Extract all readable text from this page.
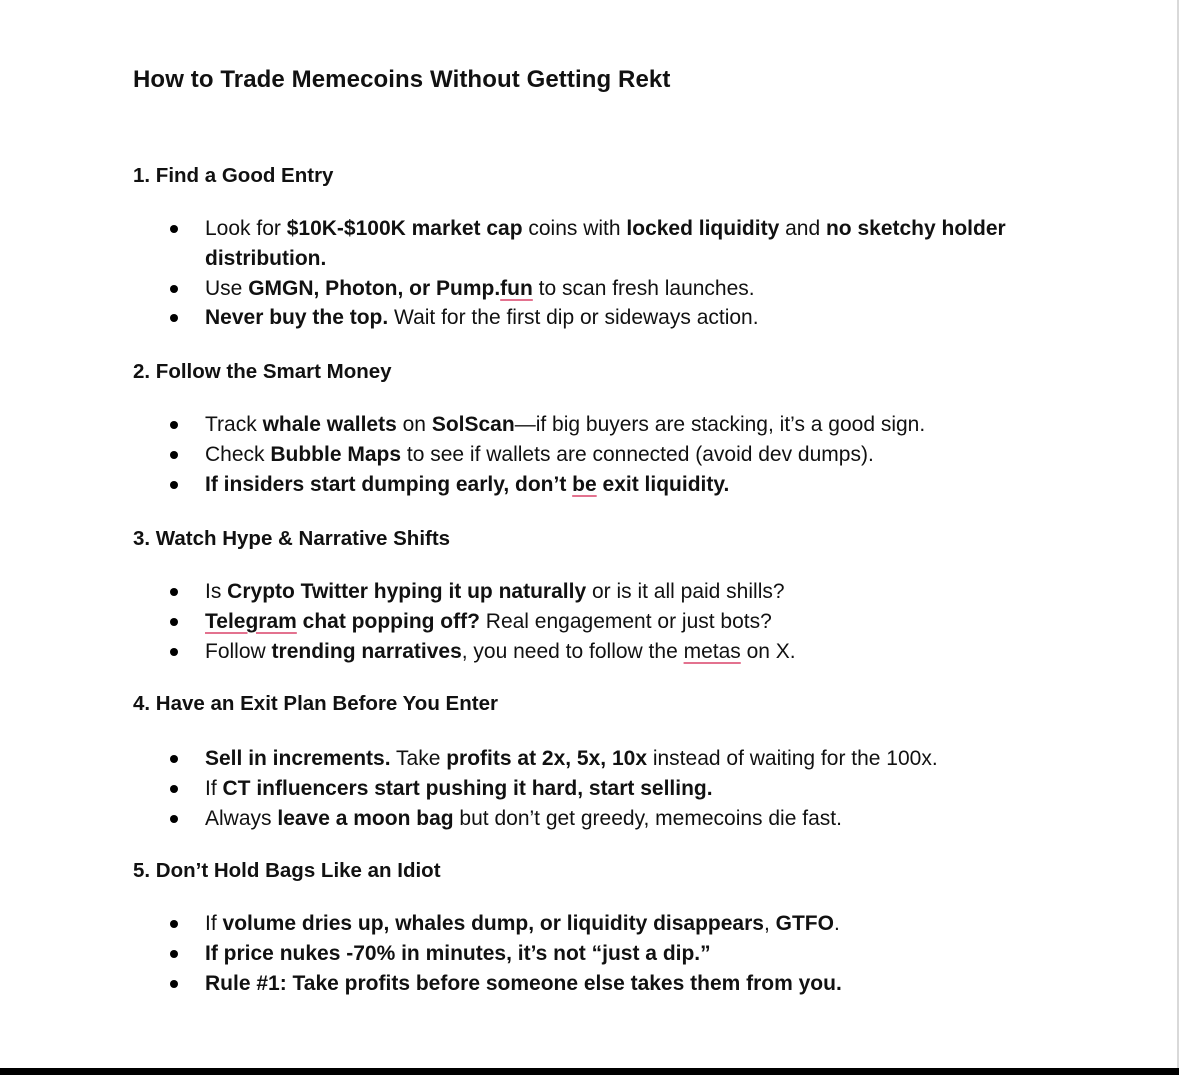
How to Trade Memecoins Without Getting Rekt
1. Find a Good Entry
Look for $10K-$100K market cap coins with locked liquidity and no sketchy holder distribution.
Use GMGN, Photon, or Pump.fun to scan fresh launches.
Never buy the top. Wait for the first dip or sideways action.
2. Follow the Smart Money
Track whale wallets on SolScan—if big buyers are stacking, it’s a good sign.
Check Bubble Maps to see if wallets are connected (avoid dev dumps).
If insiders start dumping early, don’t be exit liquidity.
3. Watch Hype & Narrative Shifts
Is Crypto Twitter hyping it up naturally or is it all paid shills?
Telegram chat popping off? Real engagement or just bots?
Follow trending narratives, you need to follow the metas on X.
4. Have an Exit Plan Before You Enter
Sell in increments. Take profits at 2x, 5x, 10x instead of waiting for the 100x.
If CT influencers start pushing it hard, start selling.
Always leave a moon bag but don’t get greedy, memecoins die fast.
5. Don’t Hold Bags Like an Idiot
If volume dries up, whales dump, or liquidity disappears, GTFO.
If price nukes -70% in minutes, it’s not “just a dip.”
Rule #1: Take profits before someone else takes them from you.
